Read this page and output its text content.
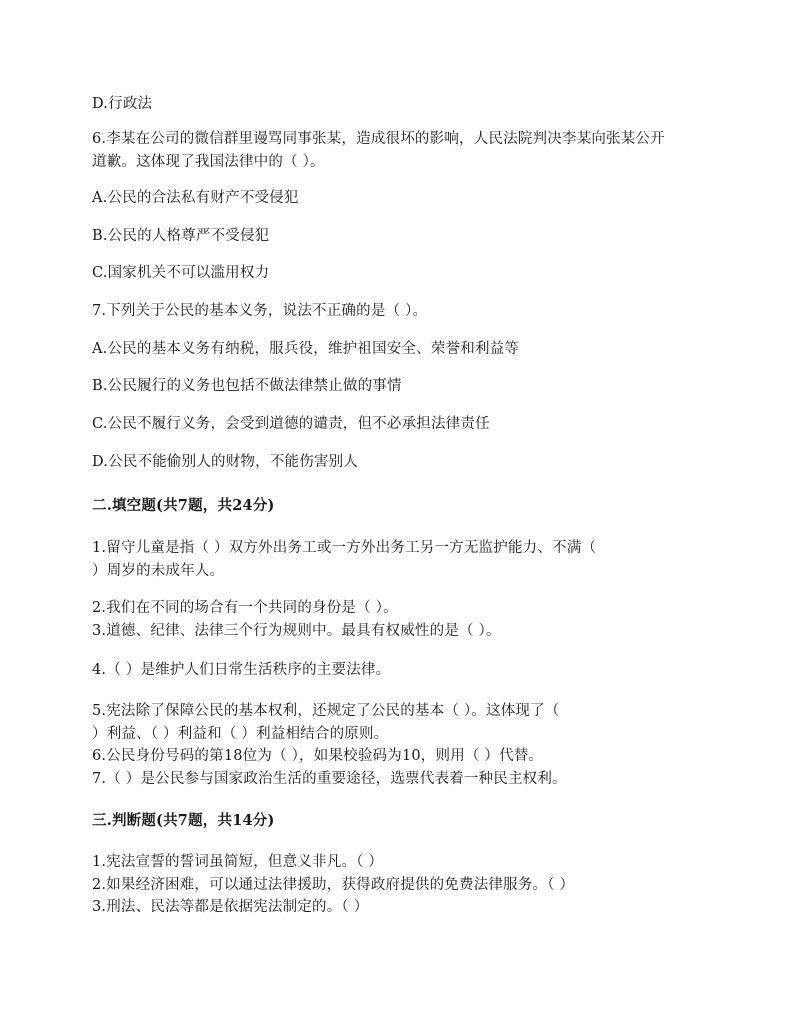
D.行政法
6.李某在公司的微信群里谩骂同事张某，造成很坏的影响，人民法院判决李某向张某公开
道歉。这体现了我国法律中的（ ）。
A.公民的合法私有财产不受侵犯
B.公民的人格尊严不受侵犯
C.国家机关不可以滥用权力
7.下列关于公民的基本义务，说法不正确的是（ ）。
A.公民的基本义务有纳税，服兵役，维护祖国安全、荣誉和利益等
B.公民履行的义务也包括不做法律禁止做的事情
C.公民不履行义务，会受到道德的谴责，但不必承担法律责任
D.公民不能偷别人的财物，不能伤害别人
二.填空题(共7题，共24分)
1.留守儿童是指（ ）双方外出务工或一方外出务工另一方无监护能力、不满（
）周岁的未成年人。
2.我们在不同的场合有一个共同的身份是（ ）。
3.道德、纪律、法律三个行为规则中。最具有权威性的是（ ）。
4.（ ）是维护人们日常生活秩序的主要法律。
5.宪法除了保障公民的基本权利，还规定了公民的基本（ ）。这体现了（
）利益、（ ）利益和（ ）利益相结合的原则。
6.公民身份号码的第18位为（ ），如果校验码为10，则用（ ）代替。
7.（ ）是公民参与国家政治生活的重要途径，选票代表着一种民主权利。
三.判断题(共7题，共14分)
1.宪法宣誓的誓词虽简短，但意义非凡。（ ）
2.如果经济困难，可以通过法律援助，获得政府提供的免费法律服务。（ ）
3.刑法、民法等都是依据宪法制定的。（ ）
